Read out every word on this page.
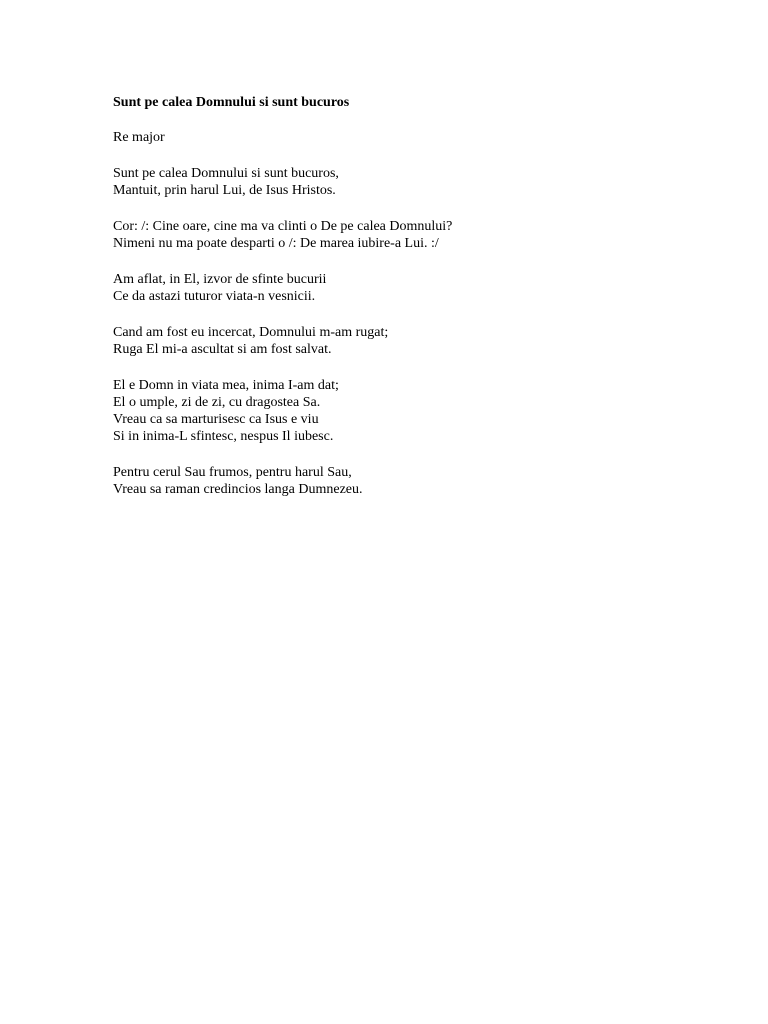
Sunt pe calea Domnului si sunt bucuros

Re major

Sunt pe calea Domnului si sunt bucuros,
Mantuit, prin harul Lui, de Isus Hristos.
Cor: /: Cine oare, cine ma va clinti o De pe calea Domnului?
Nimeni nu ma poate desparti o /: De marea iubire-a Lui. :/
Am aflat, in El, izvor de sfinte bucurii
Ce da astazi tuturor viata-n vesnicii.
Cand am fost eu incercat, Domnului m-am rugat;
Ruga El mi-a ascultat si am fost salvat.
El e Domn in viata mea, inima I-am dat;
El o umple, zi de zi, cu dragostea Sa.
Vreau ca sa marturisesc ca Isus e viu
Si in inima-L sfintesc, nespus Il iubesc.
Pentru cerul Sau frumos, pentru harul Sau,
Vreau sa raman credincios langa Dumnezeu.
